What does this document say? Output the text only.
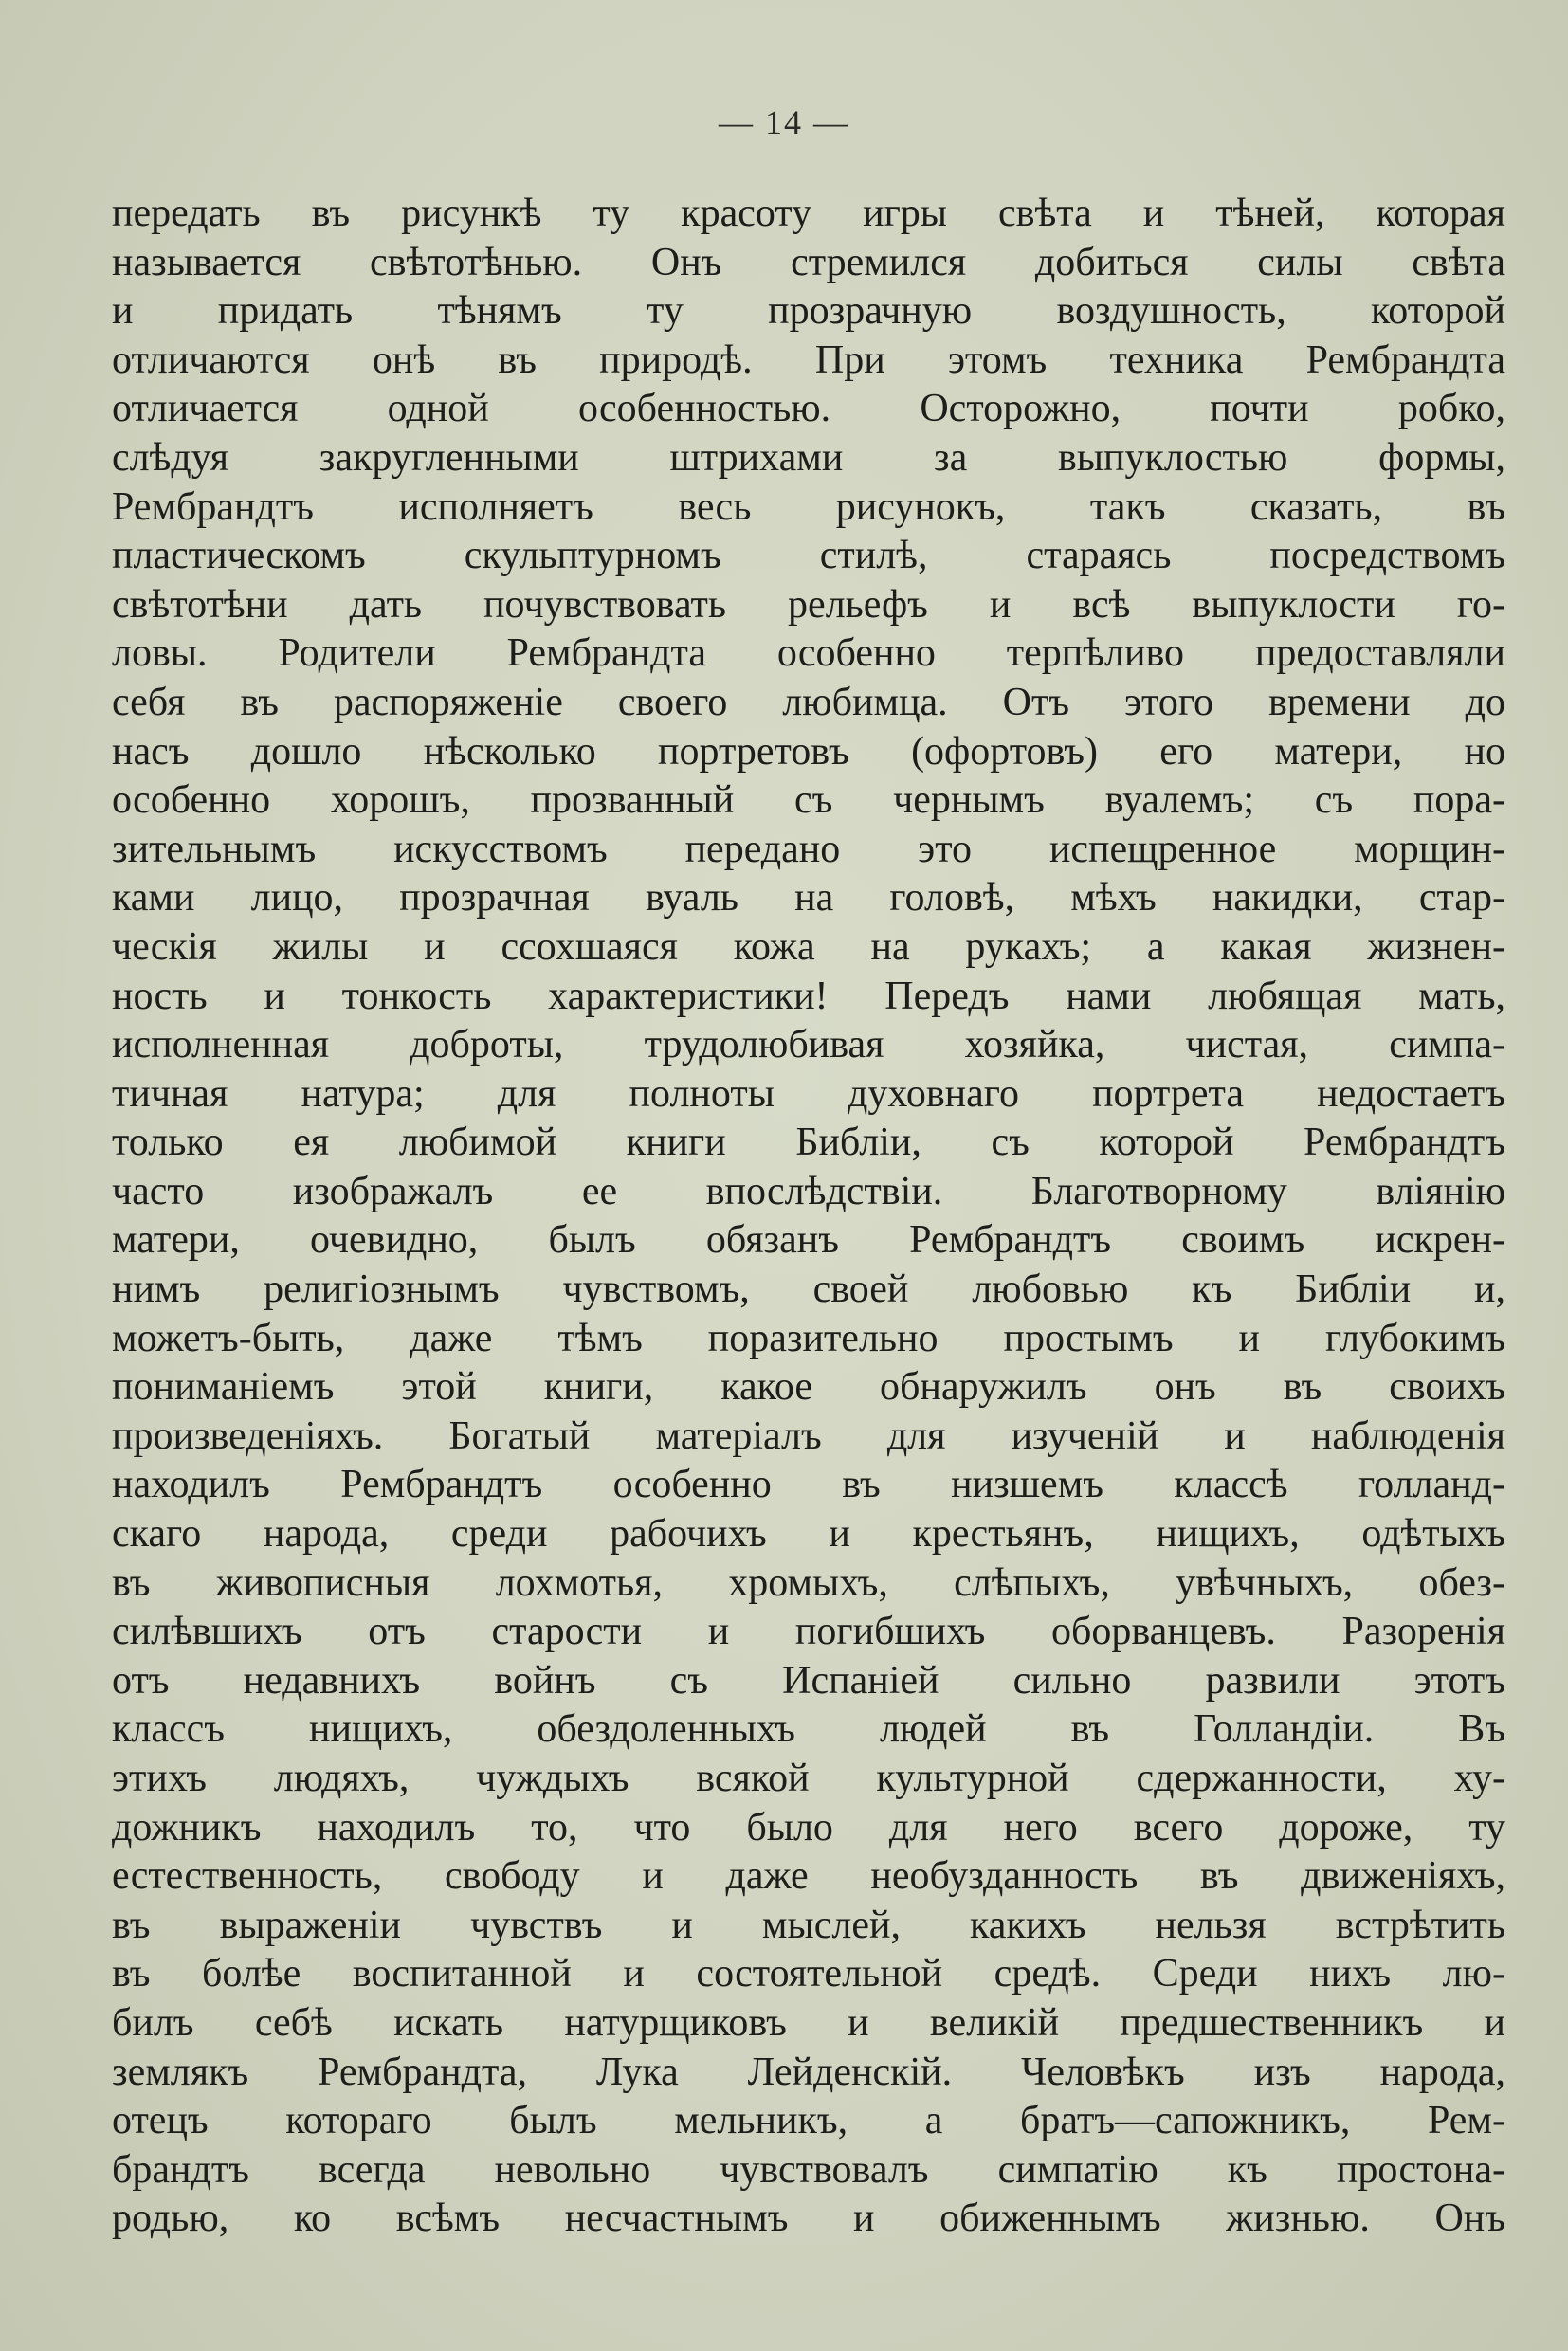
— 14 —
передать въ рисункѣ ту красоту игры свѣта и тѣней, которая
называется свѣтотѣнью. Онъ стремился добиться силы свѣта
и придать тѣнямъ ту прозрачную воздушность, которой
отличаются онѣ въ природѣ. При этомъ техника Рембрандта
отличается одной особенностью. Осторожно, почти робко,
слѣдуя закругленными штрихами за выпуклостью формы,
Рембрандтъ исполняетъ весь рисунокъ, такъ сказать, въ
пластическомъ скульптурномъ стилѣ, стараясь посредствомъ
свѣтотѣни дать почувствовать рельефъ и всѣ выпуклости го-
ловы. Родители Рембрандта особенно терпѣливо предоставляли
себя въ распоряженіе своего любимца. Отъ этого времени до
насъ дошло нѣсколько портретовъ (офортовъ) его матери, но
особенно хорошъ, прозванный съ чернымъ вуалемъ; съ пора-
зительнымъ искусствомъ передано это испещренное морщин-
ками лицо, прозрачная вуаль на головѣ, мѣхъ накидки, стар-
ческія жилы и ссохшаяся кожа на рукахъ; а какая жизнен-
ность и тонкость характеристики! Передъ нами любящая мать,
исполненная доброты, трудолюбивая хозяйка, чистая, симпа-
тичная натура; для полноты духовнаго портрета недостаетъ
только ея любимой книги Библіи, съ которой Рембрандтъ
часто изображалъ ее впослѣдствіи. Благотворному вліянію
матери, очевидно, былъ обязанъ Рембрандтъ своимъ искрен-
нимъ религіознымъ чувствомъ, своей любовью къ Библіи и,
можетъ-быть, даже тѣмъ поразительно простымъ и глубокимъ
пониманіемъ этой книги, какое обнаружилъ онъ въ своихъ
произведеніяхъ. Богатый матеріалъ для изученій и наблюденія
находилъ Рембрандтъ особенно въ низшемъ классѣ голланд-
скаго народа, среди рабочихъ и крестьянъ, нищихъ, одѣтыхъ
въ живописныя лохмотья, хромыхъ, слѣпыхъ, увѣчныхъ, обез-
силѣвшихъ отъ старости и погибшихъ оборванцевъ. Разоренія
отъ недавнихъ войнъ съ Испаніей сильно развили этотъ
классъ нищихъ, обездоленныхъ людей въ Голландіи. Въ
этихъ людяхъ, чуждыхъ всякой культурной сдержанности, ху-
дожникъ находилъ то, что было для него всего дороже, ту
естественность, свободу и даже необузданность въ движеніяхъ,
въ выраженіи чувствъ и мыслей, какихъ нельзя встрѣтить
въ болѣе воспитанной и состоятельной средѣ. Среди нихъ лю-
билъ себѣ искать натурщиковъ и великій предшественникъ и
землякъ Рембрандта, Лука Лейденскій. Человѣкъ изъ народа,
отецъ котораго былъ мельникъ, а братъ—сапожникъ, Рем-
брандтъ всегда невольно чувствовалъ симпатію къ простона-
родью, ко всѣмъ несчастнымъ и обиженнымъ жизнью. Онъ
